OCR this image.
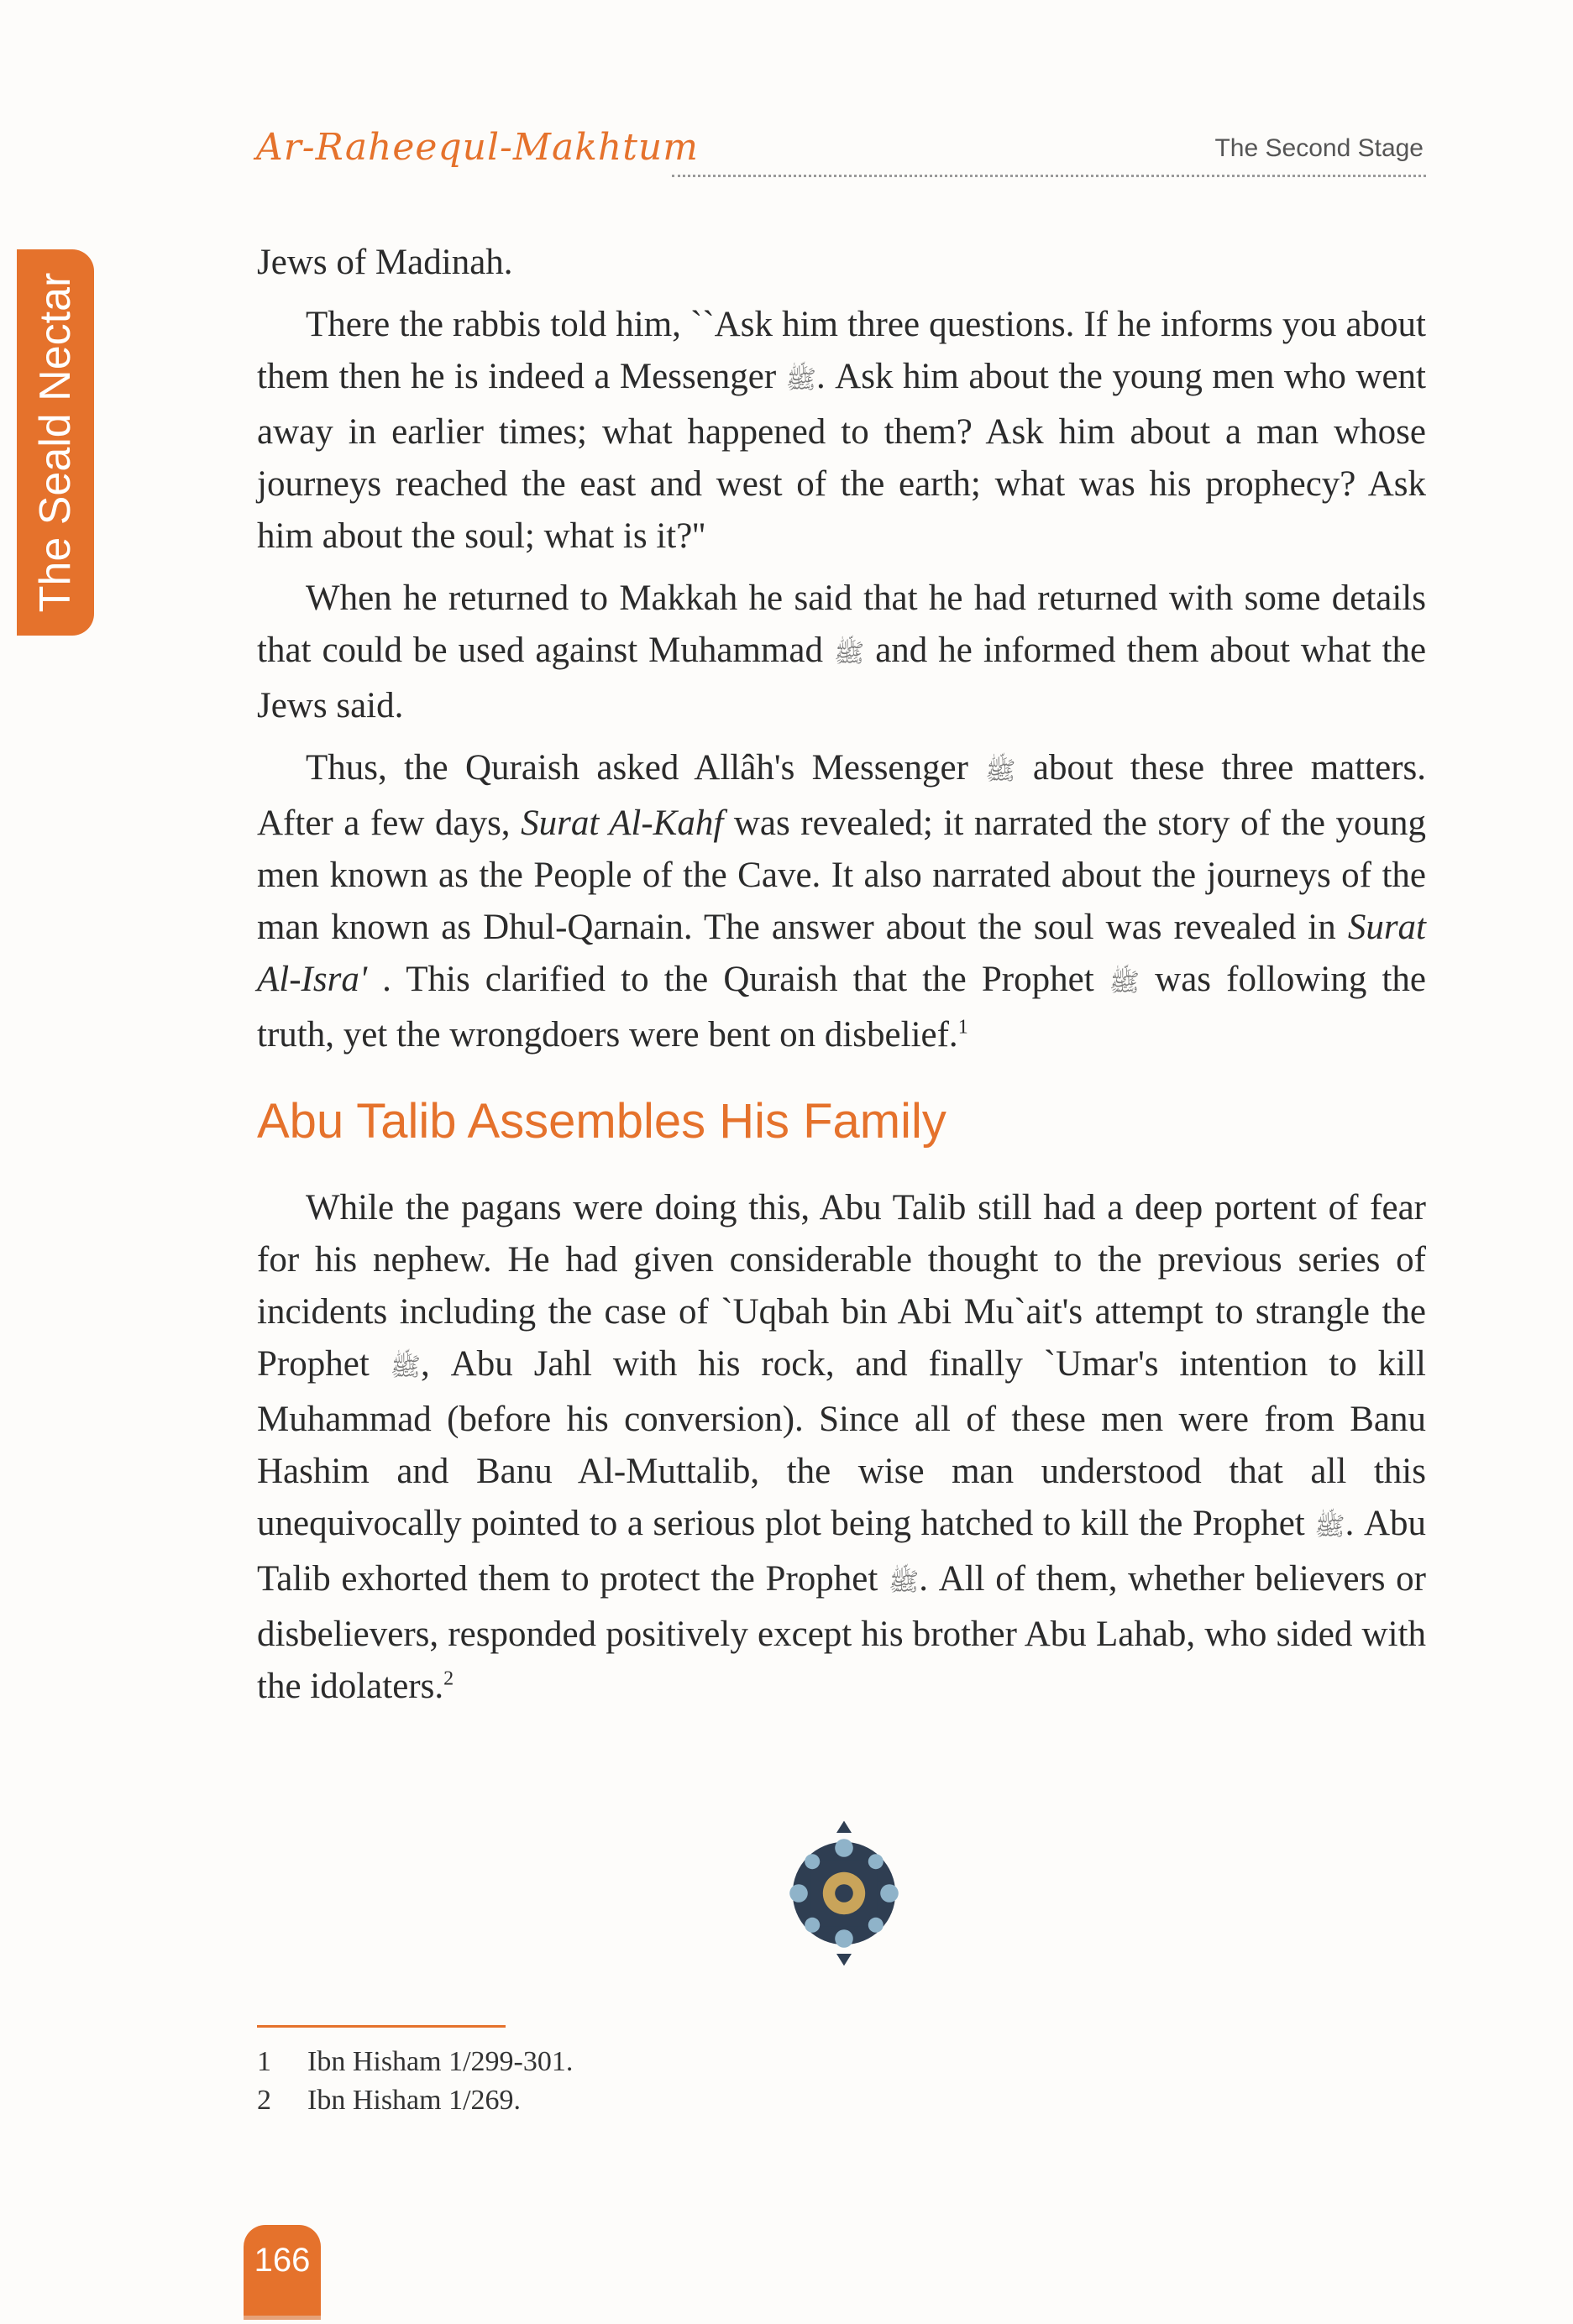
Ar-Raheequl-Makhtum	The Second Stage
The Seald Nectar

Jews of Madinah.

There the rabbis told him, ``Ask him three questions. If he informs you about them then he is indeed a Messenger ﷺ. Ask him about the young men who went away in earlier times; what happened to them? Ask him about a man whose journeys reached the east and west of the earth; what was his prophecy? Ask him about the soul; what is it?''

When he returned to Makkah he said that he had returned with some details that could be used against Muhammad ﷺ and he informed them about what the Jews said.

Thus, the Quraish asked Allâh's Messenger ﷺ about these three matters. After a few days, Surat Al-Kahf was revealed; it narrated the story of the young men known as the People of the Cave. It also narrated about the journeys of the man known as Dhul-Qarnain. The answer about the soul was revealed in Surat Al-Isra' . This clarified to the Quraish that the Prophet ﷺ was following the truth, yet the wrongdoers were bent on disbelief.$^1$

Abu Talib Assembles His Family

While the pagans were doing this, Abu Talib still had a deep portent of fear for his nephew. He had given considerable thought to the previous series of incidents including the case of `Uqbah bin Abi Mu`ait's attempt to strangle the Prophet ﷺ, Abu Jahl with his rock, and finally `Umar's intention to kill Muhammad (before his conversion). Since all of these men were from Banu Hashim and Banu Al-Muttalib, the wise man understood that all this unequivocally pointed to a serious plot being hatched to kill the Prophet ﷺ. Abu Talib exhorted them to protect the Prophet ﷺ. All of them, whether believers or disbelievers, responded positively except his brother Abu Lahab, who sided with the idolaters.$^2$

1	Ibn Hisham 1/299-301.
2	Ibn Hisham 1/269.
166
